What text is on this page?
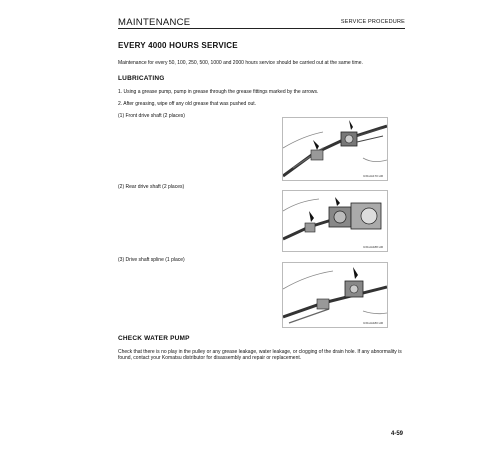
MAINTENANCE	SERVICE PROCEDURE
EVERY 4000 HOURS SERVICE
Maintenance for every 50, 100, 250, 500, 1000 and 2000 hours service should be carried out at the same time.
LUBRICATING
1. Using a grease pump, pump in grease through the grease fittings marked by the arrows.
2. After greasing, wipe off any old grease that was pushed out.
(1) Front drive shaft (2 places)
RJ1HA170 HR
(2) Rear drive shaft (2 places)
RJ1HA188 HR
(3) Drive shaft spline (1 place)
RJ1HA180 HR
CHECK WATER PUMP
Check that there is no play in the pulley or any grease leakage, water leakage, or clogging of the drain hole. If any abnormality is found, contact your Komatsu distributor for disassembly and repair or replacement.
4-59
